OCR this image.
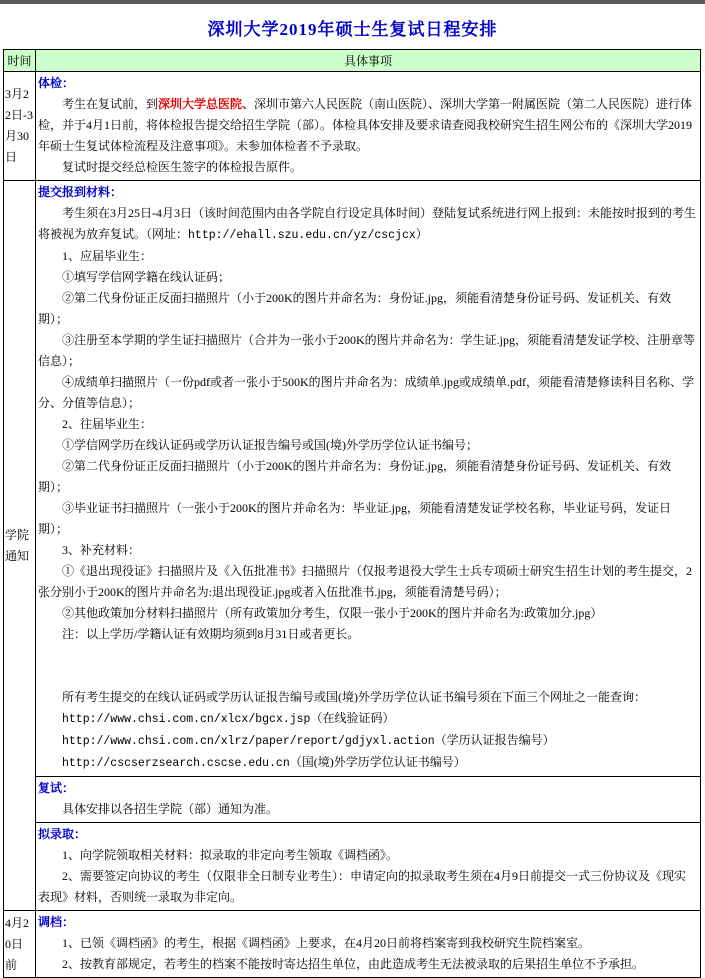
深圳大学2019年硕士生复试日程安排
时间	具体事项
3月22日-3月30日	体检：

考生在复试前，到深圳大学总医院、深圳市第六人民医院（南山医院）、深圳大学第一附属医院（第二人民医院）进行体检，并于4月1日前，将体检报告提交给招生学院（部）。体检具体安排及要求请查阅我校研究生招生网公布的《深圳大学2019年硕士生复试体检流程及注意事项》。未参加体检者不予录取。

复试时提交经总检医生签字的体检报告原件。

学院通知	

提交报到材料：

考生须在3月25日-4月3日（该时间范围内由各学院自行设定具体时间）登陆复试系统进行网上报到：未能按时报到的考生将被视为放弃复试。（网址：http://ehall.szu.edu.cn/yz/cscjcx）

1、应届毕业生：

①填写学信网学籍在线认证码；

②第二代身份证正反面扫描照片（小于200K的图片并命名为：身份证.jpg，须能看清楚身份证号码、发证机关、有效期）；

③注册至本学期的学生证扫描照片（合并为一张小于200K的图片并命名为：学生证.jpg，须能看清楚发证学校、注册章等信息）；

④成绩单扫描照片（一份pdf或者一张小于500K的图片并命名为：成绩单.jpg或成绩单.pdf，须能看清楚修读科目名称、学分、分值等信息）；

2、往届毕业生：

①学信网学历在线认证码或学历认证报告编号或国(境)外学历学位认证书编号；

②第二代身份证正反面扫描照片（小于200K的图片并命名为：身份证.jpg，须能看清楚身份证号码、发证机关、有效期）；

③毕业证书扫描照片（一张小于200K的图片并命名为：毕业证.jpg，须能看清楚发证学校名称，毕业证号码，发证日期）；

3、补充材料：

①《退出现役证》扫描照片及《入伍批准书》扫描照片（仅报考退役大学生士兵专项硕士研究生招生计划的考生提交，2张分别小于200K的图片并命名为:退出现役证.jpg或者入伍批准书.jpg，须能看清楚号码）；

②其他政策加分材料扫描照片（所有政策加分考生，仅限一张小于200K的图片并命名为:政策加分.jpg）

注：以上学历/学籍认证有效期均须到8月31日或者更长。

所有考生提交的在线认证码或学历认证报告编号或国(境)外学历学位认证书编号须在下面三个网址之一能查询：

http://www.chsi.com.cn/xlcx/bgcx.jsp（在线验证码）

http://www.chsi.com.cn/xlrz/paper/report/gdjyxl.action（学历认证报告编号）

http://cscserzsearch.cscse.edu.cn（国(境)外学历学位认证书编号）

	复试：

具体安排以各招生学院（部）通知为准。

	拟录取：

1、向学院领取相关材料：拟录取的非定向考生领取《调档函》。

2、需要签定向协议的考生（仅限非全日制专业考生）：申请定向的拟录取考生须在4月9日前提交一式三份协议及《现实表现》材料，否则统一录取为非定向。

4月20日前	调档：

1、已领《调档函》的考生，根据《调档函》上要求，在4月20日前将档案寄到我校研究生院档案室。

2、按教育部规定，若考生的档案不能按时寄达招生单位，由此造成考生无法被录取的后果招生单位不予承担。
